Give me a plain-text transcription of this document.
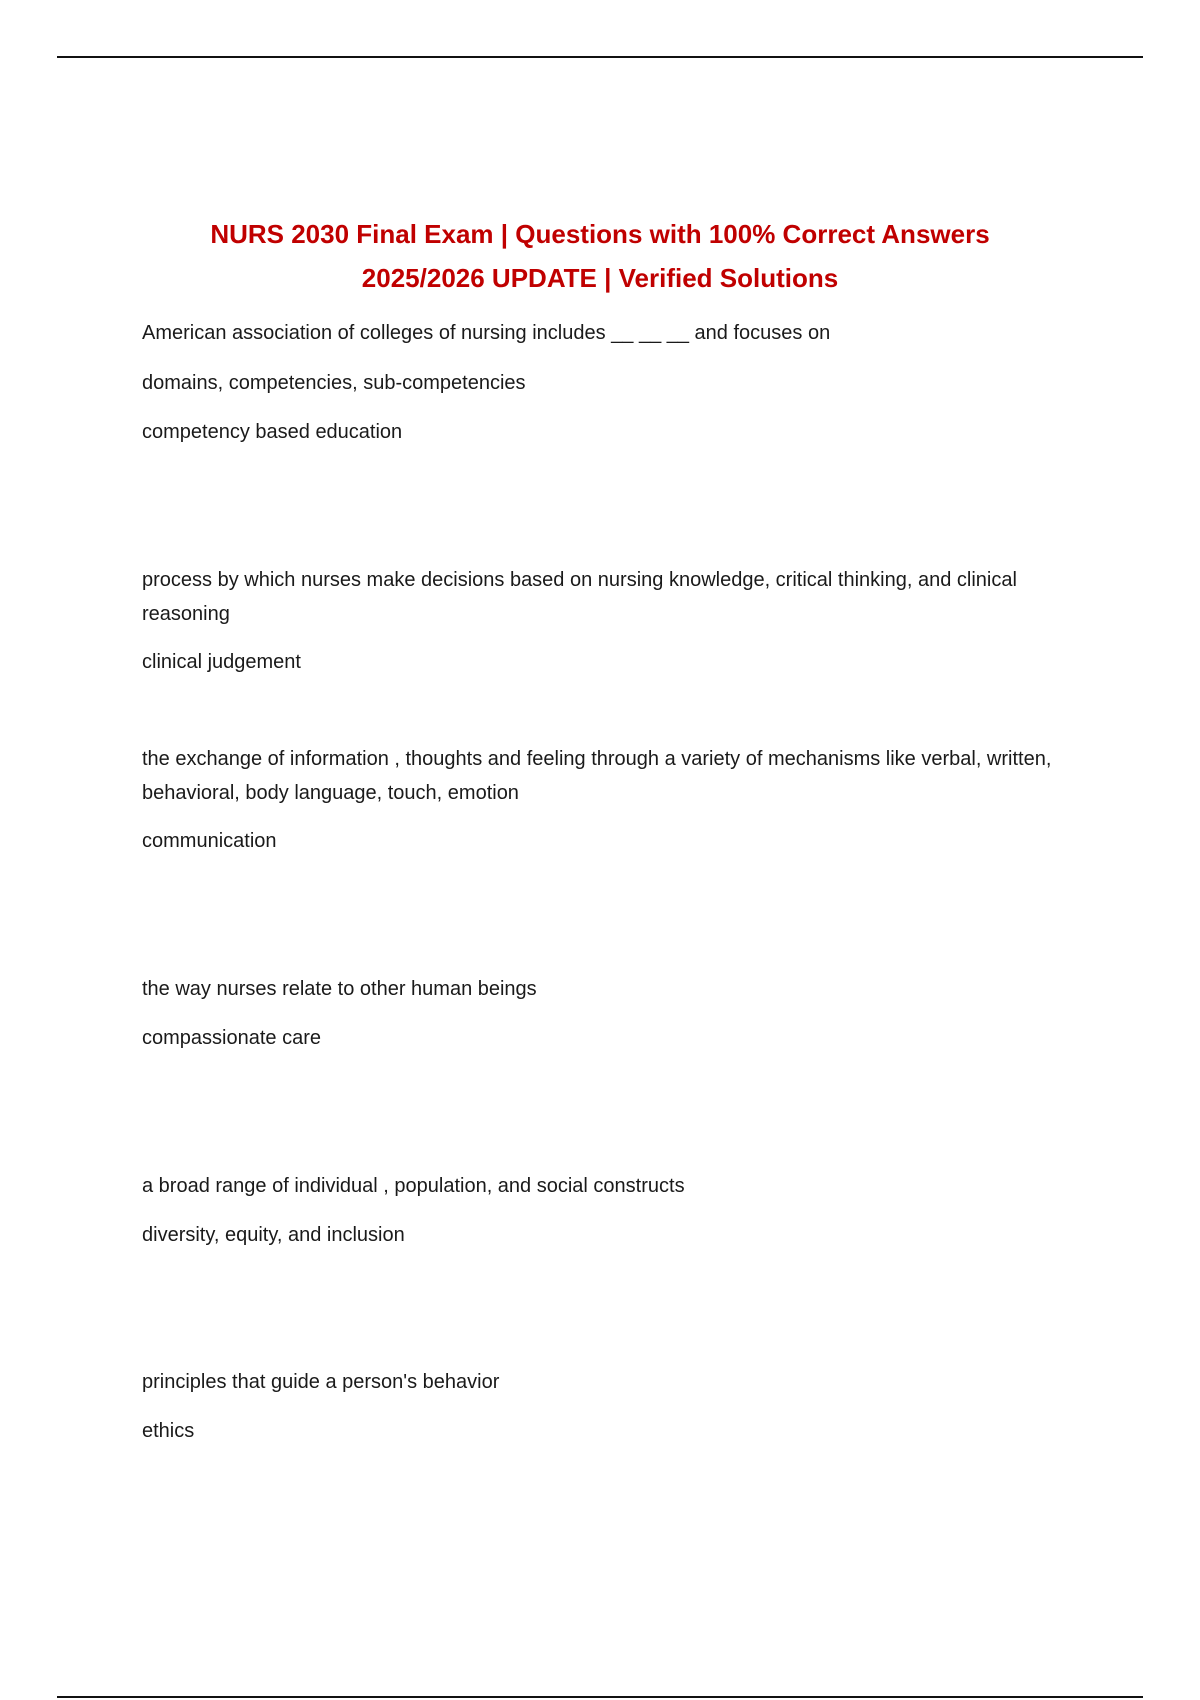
NURS 2030 Final Exam | Questions with 100% Correct Answers
2025/2026 UPDATE | Verified Solutions

American association of colleges of nursing includes __ __ __ and focuses on

domains, competencies, sub-competencies

competency based education

process by which nurses make decisions based on nursing knowledge, critical thinking, and clinical reasoning

clinical judgement

the exchange of information , thoughts and feeling through a variety of mechanisms like verbal, written, behavioral, body language, touch, emotion

communication

the way nurses relate to other human beings

compassionate care

a broad range of individual , population, and social constructs

diversity, equity, and inclusion

principles that guide a person's behavior

ethics
